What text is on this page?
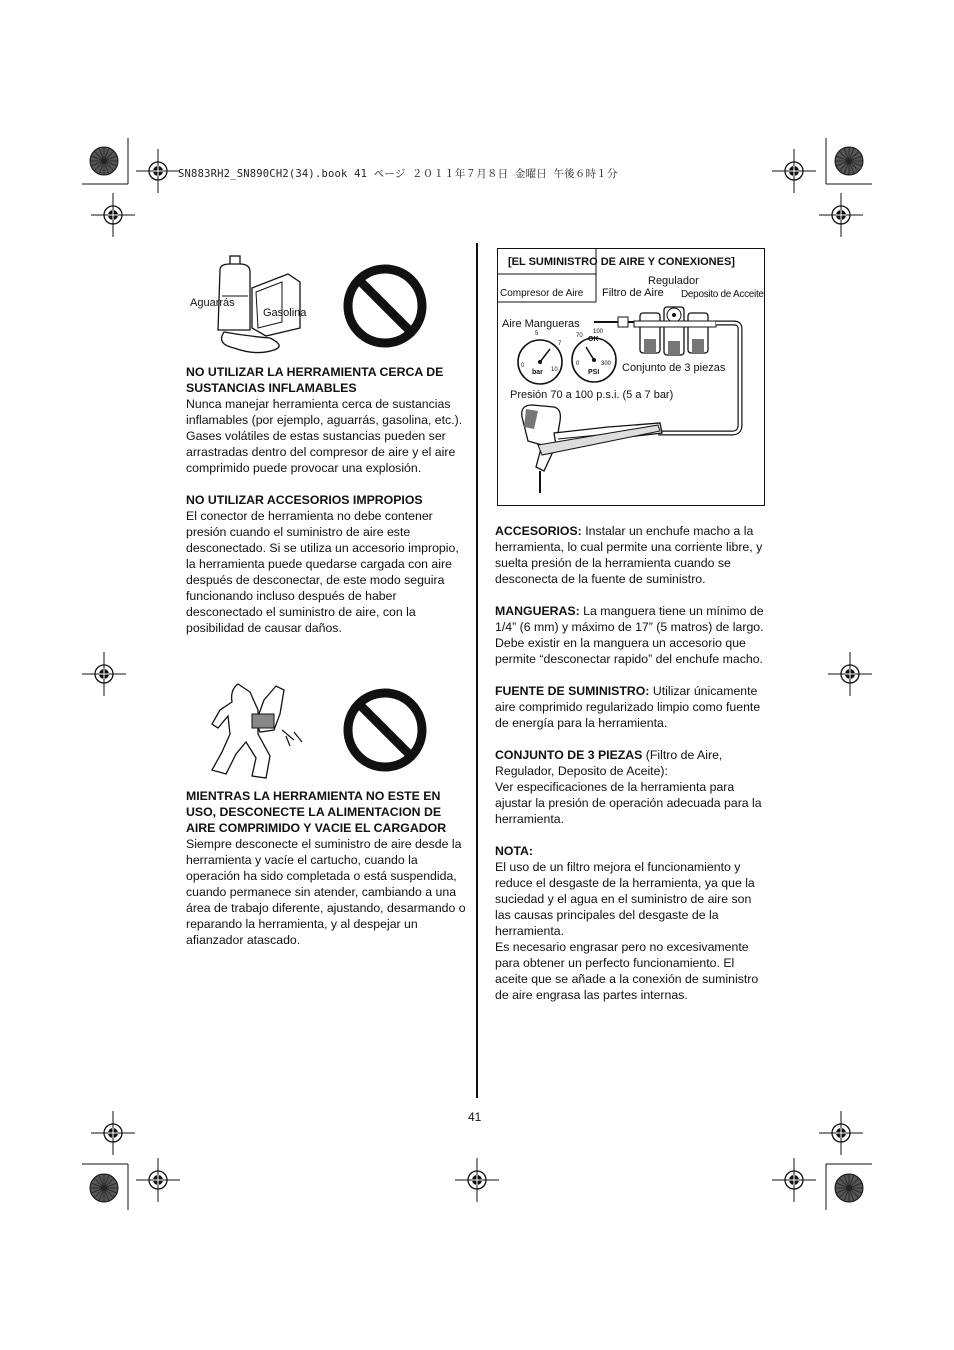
SN883RH2_SN890CH2(34).book 41 ページ ２０１１年７月８日 金曜日 午後６時１分
Aguarrás
Gasolina
NO UTILIZAR LA HERRAMIENTA CERCA DE SUSTANCIAS INFLAMABLES

Nunca manejar herramienta cerca de sustancias inflamables (por ejemplo, aguarrás, gasolina, etc.). Gases volátiles de estas sustancias pueden ser arrastradas dentro del compresor de aire y el aire comprimido puede provocar una explosión.

NO UTILIZAR ACCESORIOS IMPROPIOS

El conector de herramienta no debe contener presión cuando el suministro de aire este desconectado. Si se utiliza un accesorio impropio, la herramienta puede quedarse cargada con aire después de desconectar, de este modo seguira funcionando incluso después de haber desconectado el suministro de aire, con la posibilidad de causar daños.

MIENTRAS LA HERRAMIENTA NO ESTE EN USO, DESCONECTE LA ALIMENTACION DE AIRE COMPRIMIDO Y VACIE EL CARGADOR

Siempre desconecte el suministro de aire desde la herramienta y vacíe el cartucho, cuando la operación ha sido completada o está suspendida, cuando permanece sin atender, cambiando a una área de trabajo diferente, ajustando, desarmando o reparando la herramienta, y al despejar un afianzador atascado.

[EL SUMINISTRO DE AIRE Y CONEXIONES]
Regulador
Compresor de Aire Filtro de Aire Deposito de Acceite
Aire Mangueras
Conjunto de 3 piezas
Presión 70 a 100 p.s.i. (5 a 7 bar)
bar	PSI
OK
5
7
0
10
70
100
0	300

ACCESORIOS: Instalar un enchufe macho a la herramienta, lo cual permite una corriente libre, y suelta presión de la herramienta cuando se desconecta de la fuente de suministro.

MANGUERAS: La manguera tiene un mínimo de 1/4” (6 mm) y máximo de 17” (5 matros) de largo.

Debe existir en la manguera un accesorio que permite “desconectar rapido” del enchufe macho.

FUENTE DE SUMINISTRO: Utilizar únicamente aire comprimido regularizado limpio como fuente de energía para la herramienta.

CONJUNTO DE 3 PIEZAS (Filtro de Aire, Regulador, Deposito de Aceite):

Ver especificaciones de la herramienta para ajustar la presión de operación adecuada para la herramienta.

NOTA:

El uso de un filtro mejora el funcionamiento y reduce el desgaste de la herramienta, ya que la suciedad y el agua en el suministro de aire son las causas principales del desgaste de la herramienta.

Es necesario engrasar pero no excesivamente para obtener un perfecto funcionamiento. El aceite que se añade a la conexión de suministro de aire engrasa las partes internas.

41
